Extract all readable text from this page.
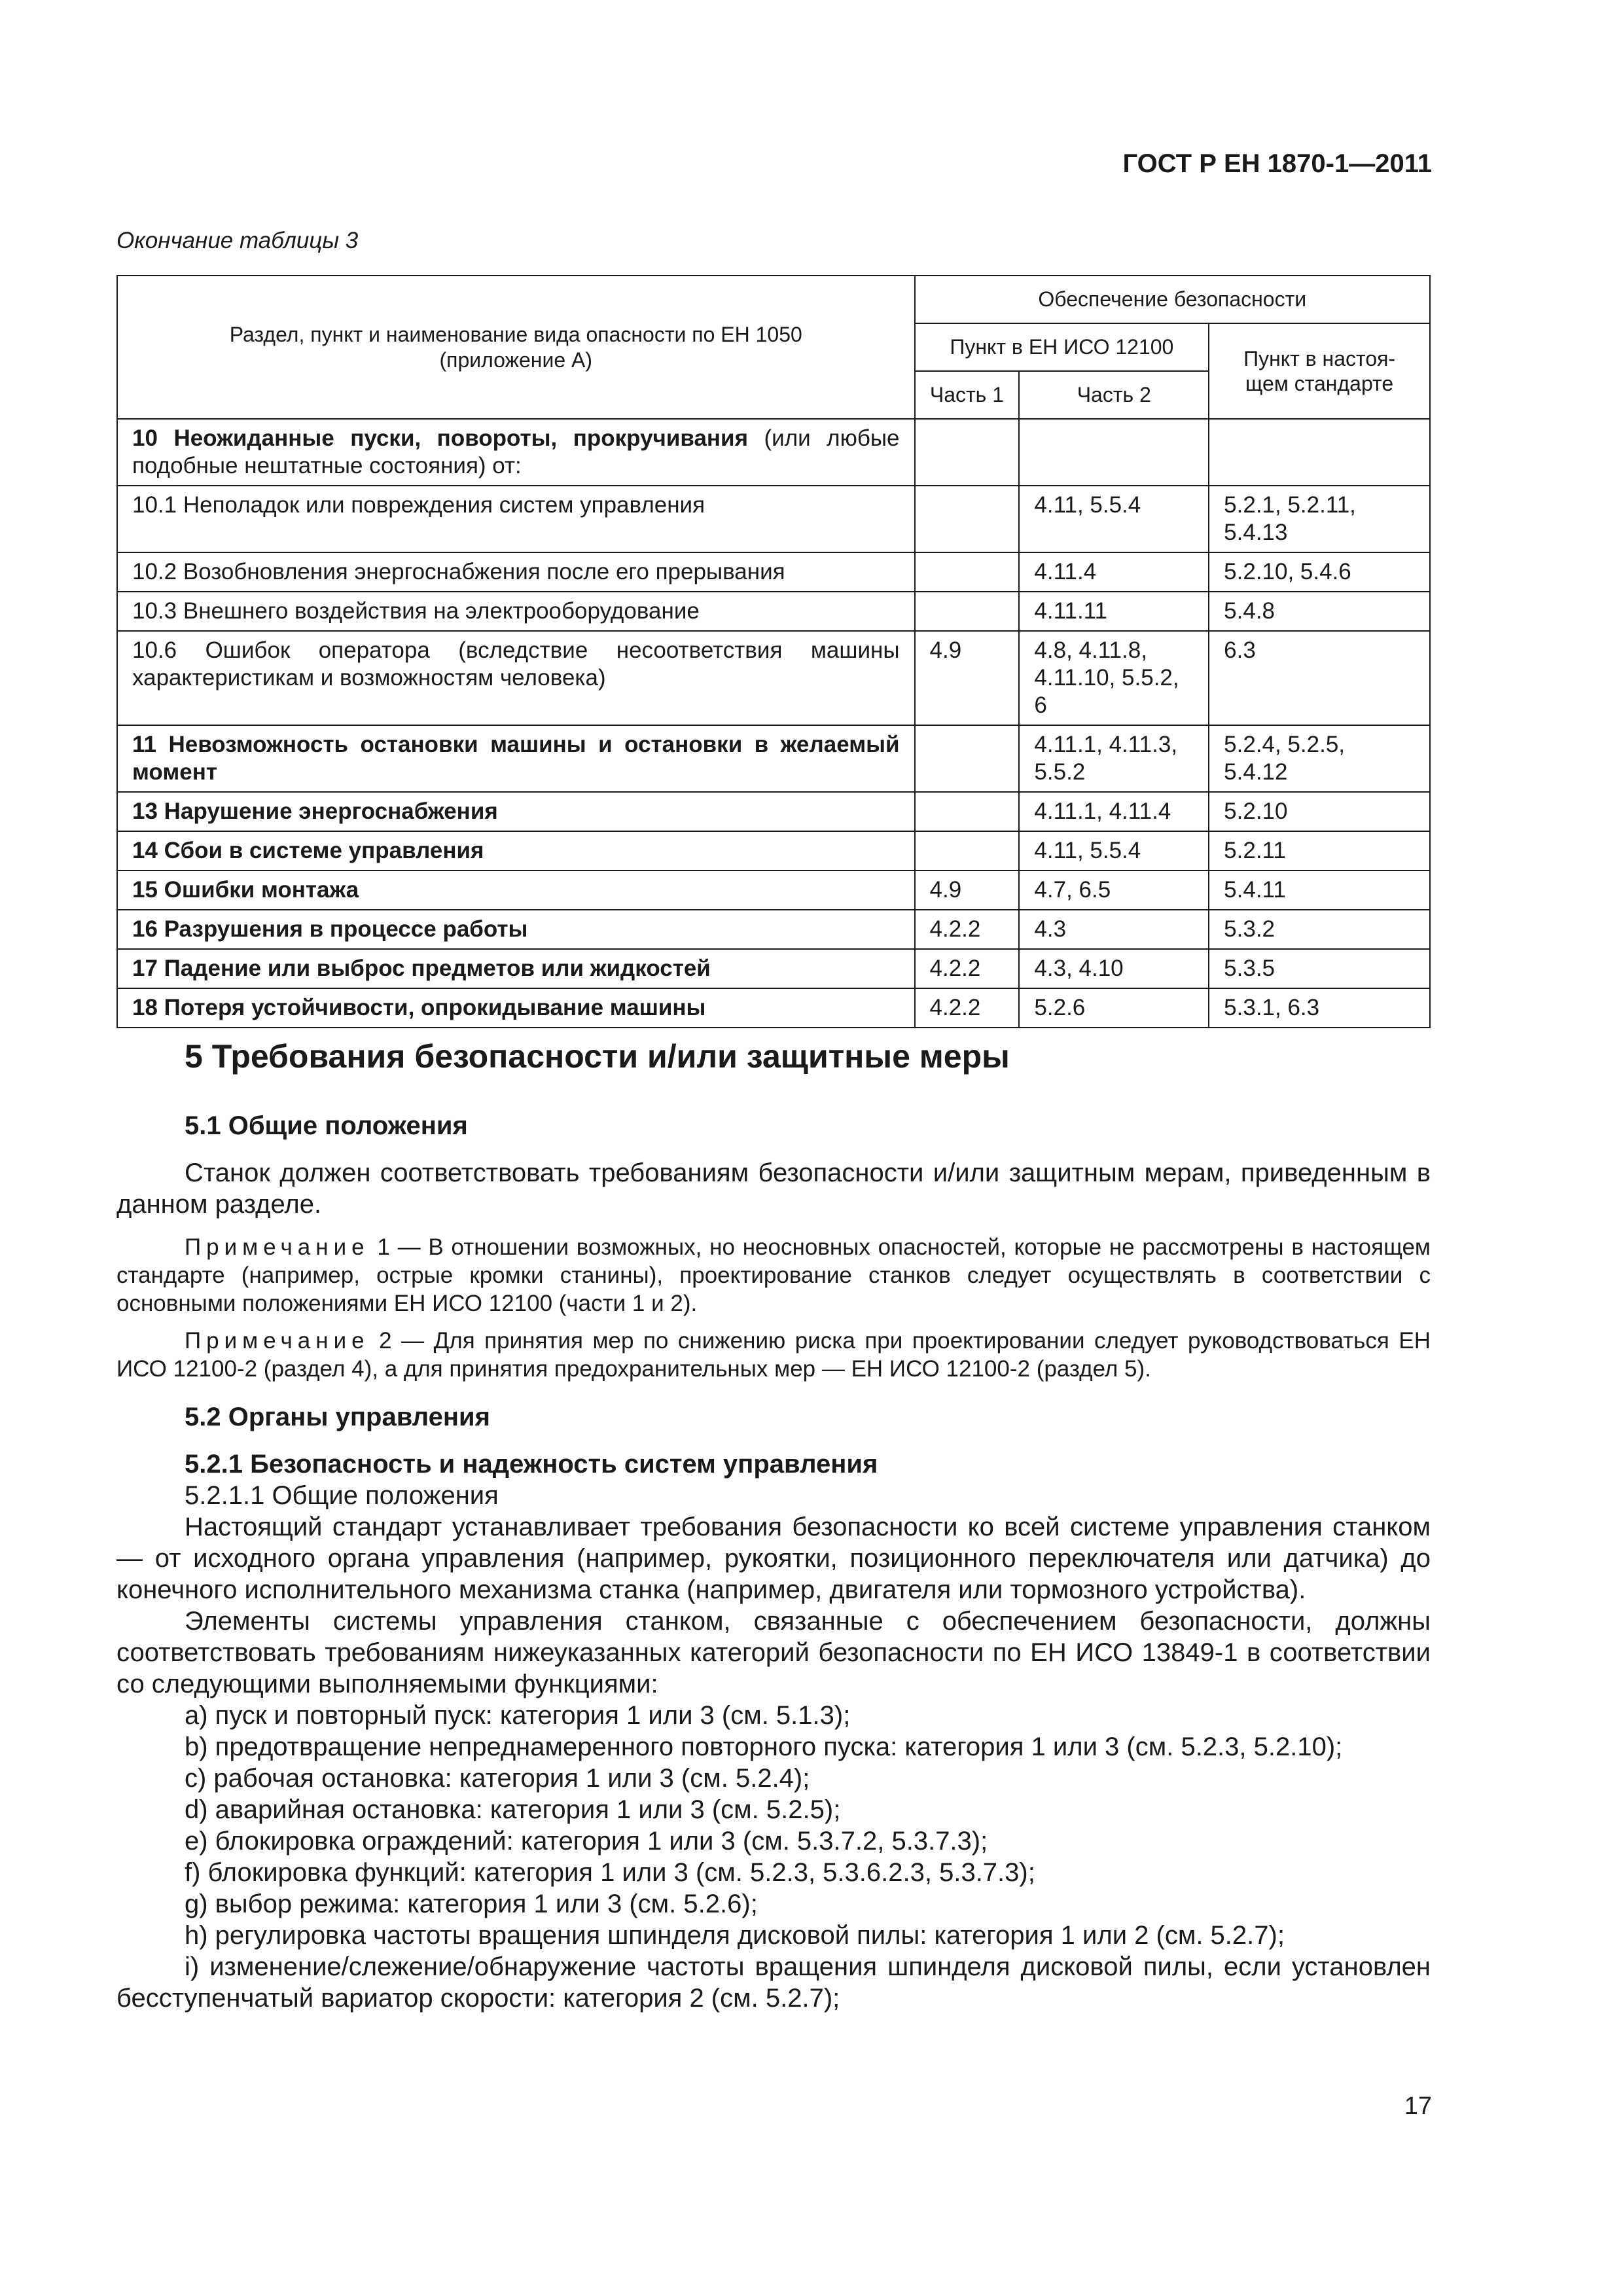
ГОСТ Р ЕН 1870-1—2011
Окончание таблицы 3
Раздел, пункт и наименование вида опасности по ЕН 1050 (приложение А)	Обеспечение безопасности		
	Пункт в ЕН ИСО 12100		Пункт в настоя-щем стандарте
	Часть 1	Часть 2	
10 Неожиданные пуски, повороты, прокручивания (или любые подобные нештатные состояния) от:			
10.1 Неполадок или повреждения систем управления		4.11, 5.5.4	5.2.1, 5.2.11, 5.4.13
10.2 Возобновления энергоснабжения после его прерывания		4.11.4	5.2.10, 5.4.6
10.3 Внешнего воздействия на электрооборудование		4.11.11	5.4.8
10.6 Ошибок оператора (вследствие несоответствия машины характеристикам и возможностям человека)	4.9	4.8, 4.11.8, 4.11.10, 5.5.2, 6	6.3
11 Невозможность остановки машины и остановки в желаемый момент		4.11.1, 4.11.3, 5.5.2	5.2.4, 5.2.5, 5.4.12
13 Нарушение энергоснабжения		4.11.1, 4.11.4	5.2.10
14 Сбои в системе управления		4.11, 5.5.4	5.2.11
15 Ошибки монтажа	4.9	4.7, 6.5	5.4.11
16 Разрушения в процессе работы	4.2.2	4.3	5.3.2
17 Падение или выброс предметов или жидкостей	4.2.2	4.3, 4.10	5.3.5
18 Потеря устойчивости, опрокидывание машины	4.2.2	5.2.6	5.3.1, 6.3
5 Требования безопасности и/или защитные меры

5.1 Общие положения

Станок должен соответствовать требованиям безопасности и/или защитным мерам, приведенным в данном разделе.

Примечание 1 — В отношении возможных, но неосновных опасностей, которые не рассмотрены в настоящем стандарте (например, острые кромки станины), проектирование станков следует осуществлять в соответствии с основными положениями ЕН ИСО 12100 (части 1 и 2).

Примечание 2 — Для принятия мер по снижению риска при проектировании следует руководствоваться ЕН ИСО 12100-2 (раздел 4), а для принятия предохранительных мер — ЕН ИСО 12100-2 (раздел 5).

5.2 Органы управления

5.2.1 Безопасность и надежность систем управления

5.2.1.1 Общие положения

Настоящий стандарт устанавливает требования безопасности ко всей системе управления станком — от исходного органа управления (например, рукоятки, позиционного переключателя или датчика) до конечного исполнительного механизма станка (например, двигателя или тормозного устройства).

Элементы системы управления станком, связанные с обеспечением безопасности, должны соответствовать требованиям нижеуказанных категорий безопасности по ЕН ИСО 13849-1 в соответствии со следующими выполняемыми функциями:

a) пуск и повторный пуск: категория 1 или 3 (см. 5.1.3);

b) предотвращение непреднамеренного повторного пуска: категория 1 или 3 (см. 5.2.3, 5.2.10);

c) рабочая остановка: категория 1 или 3 (см. 5.2.4);

d) аварийная остановка: категория 1 или 3 (см. 5.2.5);

e) блокировка ограждений: категория 1 или 3 (см. 5.3.7.2, 5.3.7.3);

f) блокировка функций: категория 1 или 3 (см. 5.2.3, 5.3.6.2.3, 5.3.7.3);

g) выбор режима: категория 1 или 3 (см. 5.2.6);

h) регулировка частоты вращения шпинделя дисковой пилы: категория 1 или 2 (см. 5.2.7);

i) изменение/слежение/обнаружение частоты вращения шпинделя дисковой пилы, если установлен бесступенчатый вариатор скорости: категория 2 (см. 5.2.7);

17
